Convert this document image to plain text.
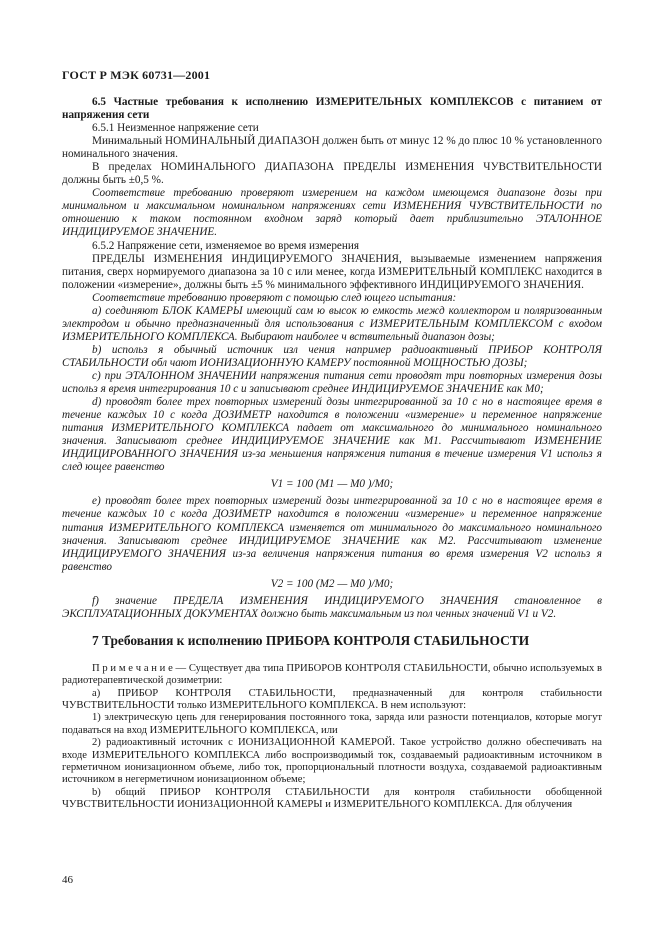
ГОСТ Р МЭК 60731—2001

6.5 Частные требования к исполнению ИЗМЕРИТЕЛЬНЫХ КОМПЛЕКСОВ с питанием от напряжения сети

6.5.1 Неизменное напряжение сети

Минимальный НОМИНАЛЬНЫЙ ДИАПАЗОН должен быть от минус 12 % до плюс 10 % установленного номинального значения.

В пределах НОМИНАЛЬНОГО ДИАПАЗОНА ПРЕДЕЛЫ ИЗМЕНЕНИЯ ЧУВСТВИТЕЛЬНОСТИ должны быть ±0,5 %.

Соответствие требованию проверяют измерением на каждом имеющемся диапазоне дозы при минимальном и максимальном номинальном напряжениях сети ИЗМЕНЕНИЯ ЧУВСТВИТЕЛЬНОСТИ по отношению к таком постоянном входном заряд который дает приблизительно ЭТАЛОННОЕ ИНДИЦИРУЕМОЕ ЗНАЧЕНИЕ.

6.5.2 Напряжение сети, изменяемое во время измерения

ПРЕДЕЛЫ ИЗМЕНЕНИЯ ИНДИЦИРУЕМОГО ЗНАЧЕНИЯ, вызываемые изменением напряжения питания, сверх нормируемого диапазона за 10 с или менее, когда ИЗМЕРИТЕЛЬНЫЙ КОМПЛЕКС находится в положении «измерение», должны быть ±5 % минимального эффективного ИНДИЦИРУЕМОГО ЗНАЧЕНИЯ.

Соответствие требованию проверяют с помощью след ющего испытания:

а) соединяют БЛОК КАМЕРЫ имеющий сам ю высок ю емкость межд коллектором и поляризованным электродом и обычно предназначенный для использования с ИЗМЕРИТЕЛЬНЫМ КОМПЛЕКСОМ с входом ИЗМЕРИТЕЛЬНОГО КОМПЛЕКСА. Выбирают наиболее ч вствительный диапазон дозы;

b) использ я обычный источник изл чения например радиоактивный ПРИБОР КОНТРОЛЯ СТАБИЛЬНОСТИ обл чают ИОНИЗАЦИОННУЮ КАМЕРУ постоянной МОЩНОСТЬЮ ДОЗЫ;

с) при ЭТАЛОННОМ ЗНАЧЕНИИ напряжения питания сети проводят три повторных измерения дозы использ я время интегрирования 10 с и записывают среднее ИНДИЦИРУЕМОЕ ЗНАЧЕНИЕ как M0;

d) проводят более трех повторных измерений дозы интегрированной за 10 с но в настоящее время в течение каждых 10 с когда ДОЗИМЕТР находится в положении «измерение» и переменное напряжение питания ИЗМЕРИТЕЛЬНОГО КОМПЛЕКСА падает от максимального до минимального номинального значения. Записывают среднее ИНДИЦИРУЕМОЕ ЗНАЧЕНИЕ как M1. Рассчитывают ИЗМЕНЕНИЕ ИНДИЦИРОВАННОГО ЗНАЧЕНИЯ из-за меньшения напряжения питания в течение измерения V1 использ я след ющее равенство

V1 = 100 (M1 — M0 )/M0;

е) проводят более трех повторных измерений дозы интегрированной за 10 с но в настоящее время в течение каждых 10 с когда ДОЗИМЕТР находится в положении «измерение» и переменное напряжение питания ИЗМЕРИТЕЛЬНОГО КОМПЛЕКСА изменяется от минимального до максимального номинального значения. Записывают среднее ИНДИЦИРУЕМОЕ ЗНАЧЕНИЕ как M2. Рассчитывают изменение ИНДИЦИРУЕМОГО ЗНАЧЕНИЯ из-за величения напряжения питания во время измерения V2 использ я равенство

V2 = 100 (M2 — M0 )/M0;

f) значение ПРЕДЕЛА ИЗМЕНЕНИЯ ИНДИЦИРУЕМОГО ЗНАЧЕНИЯ становленное в ЭКСПЛУАТАЦИОННЫХ ДОКУМЕНТАХ должно быть максимальным из пол ченных значений V1 и V2.

7 Требования к исполнению ПРИБОРА КОНТРОЛЯ СТАБИЛЬНОСТИ

П р и м е ч а н и е — Существует два типа ПРИБОРОВ КОНТРОЛЯ СТАБИЛЬНОСТИ, обычно используемых в радиотерапевтической дозиметрии:

а) ПРИБОР КОНТРОЛЯ СТАБИЛЬНОСТИ, предназначенный для контроля стабильности ЧУВСТВИТЕЛЬНОСТИ только ИЗМЕРИТЕЛЬНОГО КОМПЛЕКСА. В нем используют:

1) электрическую цепь для генерирования постоянного тока, заряда или разности потенциалов, которые могут подаваться на вход ИЗМЕРИТЕЛЬНОГО КОМПЛЕКСА, или

2) радиоактивный источник с ИОНИЗАЦИОННОЙ КАМЕРОЙ. Такое устройство должно обеспечивать на входе ИЗМЕРИТЕЛЬНОГО КОМПЛЕКСА либо воспроизводимый ток, создаваемый радиоактивным источником в герметичном ионизационном объеме, либо ток, пропорциональный плотности воздуха, создаваемой радиоактивным источником в негерметичном ионизационном объеме;

b) общий ПРИБОР КОНТРОЛЯ СТАБИЛЬНОСТИ для контроля стабильности обобщенной ЧУВСТВИТЕЛЬНОСТИ ИОНИЗАЦИОННОЙ КАМЕРЫ и ИЗМЕРИТЕЛЬНОГО КОМПЛЕКСА. Для облучения

46
